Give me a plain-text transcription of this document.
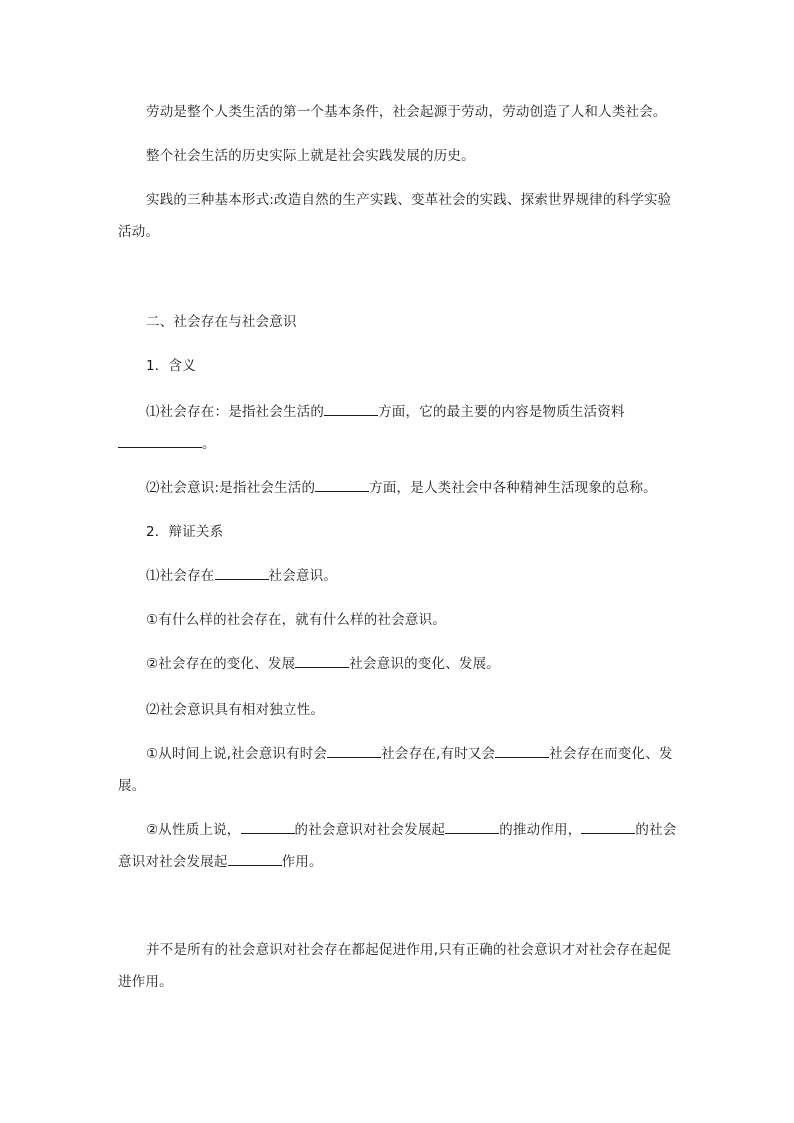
劳动是整个人类生活的第一个基本条件，社会起源于劳动，劳动创造了人和人类社会。
整个社会生活的历史实际上就是社会实践发展的历史。
实践的三种基本形式:改造自然的生产实践、变革社会的实践、探索世界规律的科学实验活动。
二、社会存在与社会意识
1．含义
⑴社会存在：是指社会生活的	方面，它的最主要的内容是物质生活资料。
⑵社会意识:是指社会生活的	方面，是人类社会中各种精神生活现象的总称。
2．辩证关系
⑴社会存在	社会意识。
①有什么样的社会存在，就有什么样的社会意识。
②社会存在的变化、发展	社会意识的变化、发展。
⑵社会意识具有相对独立性。
①从时间上说,社会意识有时会	社会存在,有时又会	社会存在而变化、发展。
②从性质上说，	的社会意识对社会发展起	的推动作用，	的社会意识对社会发展起	作用。
并不是所有的社会意识对社会存在都起促进作用,只有正确的社会意识才对社会存在起促进作用。
